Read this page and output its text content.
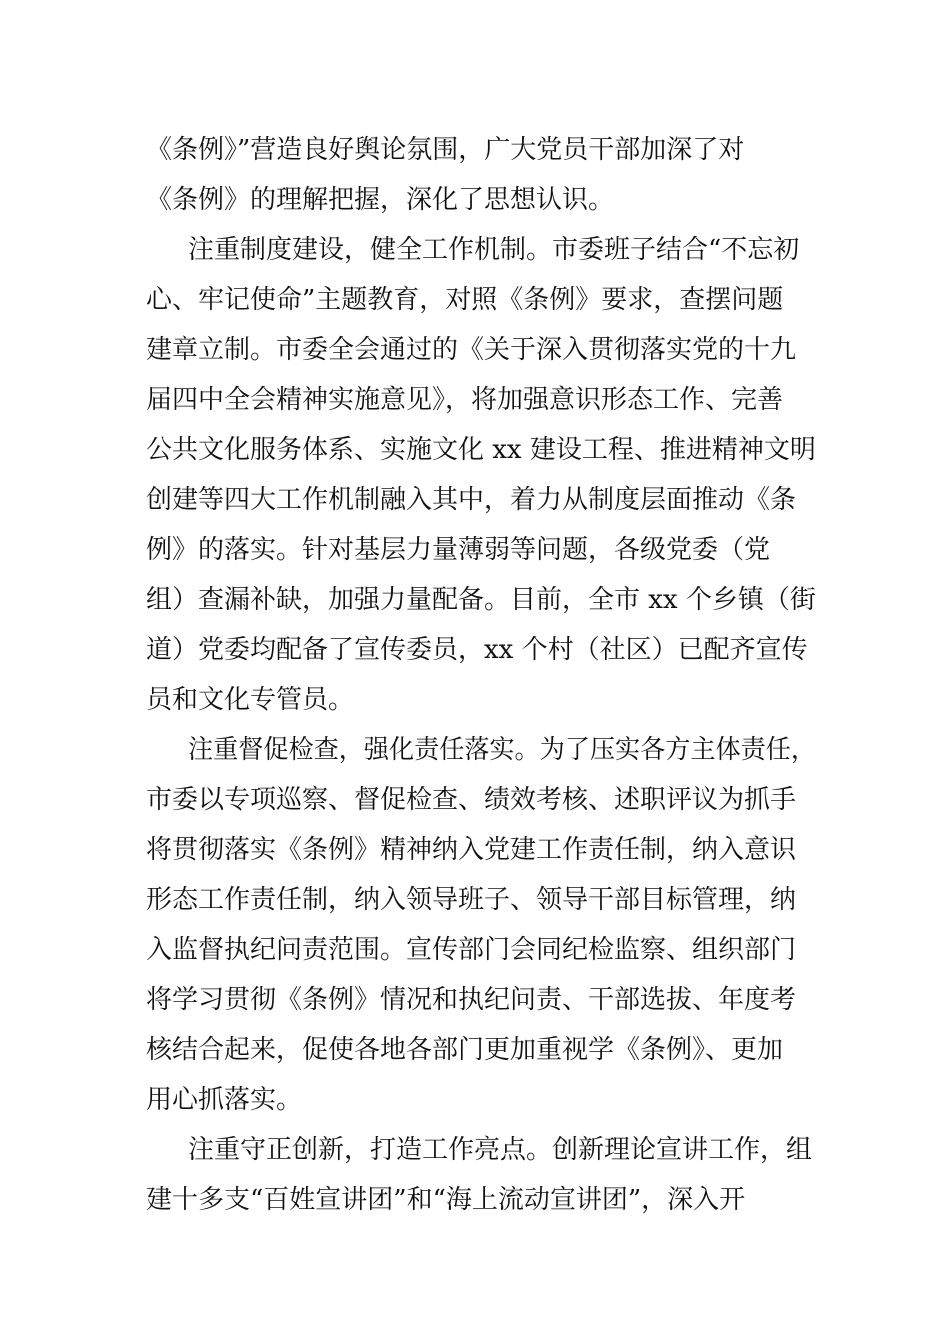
《条例》”营造良好舆论氛围，广大党员干部加深了对
《条例》的理解把握，深化了思想认识。
注重制度建设，健全工作机制。市委班子结合“不忘初
心、牢记使命”主题教育，对照《条例》要求，查摆问题
建章立制。市委全会通过的《关于深入贯彻落实党的十九
届四中全会精神实施意见》，将加强意识形态工作、完善
公共文化服务体系、实施文化 xx 建设工程、推进精神文明
创建等四大工作机制融入其中，着力从制度层面推动《条
例》的落实。针对基层力量薄弱等问题，各级党委（党
组）查漏补缺，加强力量配备。目前，全市 xx 个乡镇（街
道）党委均配备了宣传委员，xx 个村（社区）已配齐宣传
员和文化专管员。
注重督促检查，强化责任落实。为了压实各方主体责任，
市委以专项巡察、督促检查、绩效考核、述职评议为抓手
将贯彻落实《条例》精神纳入党建工作责任制，纳入意识
形态工作责任制，纳入领导班子、领导干部目标管理，纳
入监督执纪问责范围。宣传部门会同纪检监察、组织部门
将学习贯彻《条例》情况和执纪问责、干部选拔、年度考
核结合起来，促使各地各部门更加重视学《条例》、更加
用心抓落实。
注重守正创新，打造工作亮点。创新理论宣讲工作，组
建十多支“百姓宣讲团”和“海上流动宣讲团”，深入开
